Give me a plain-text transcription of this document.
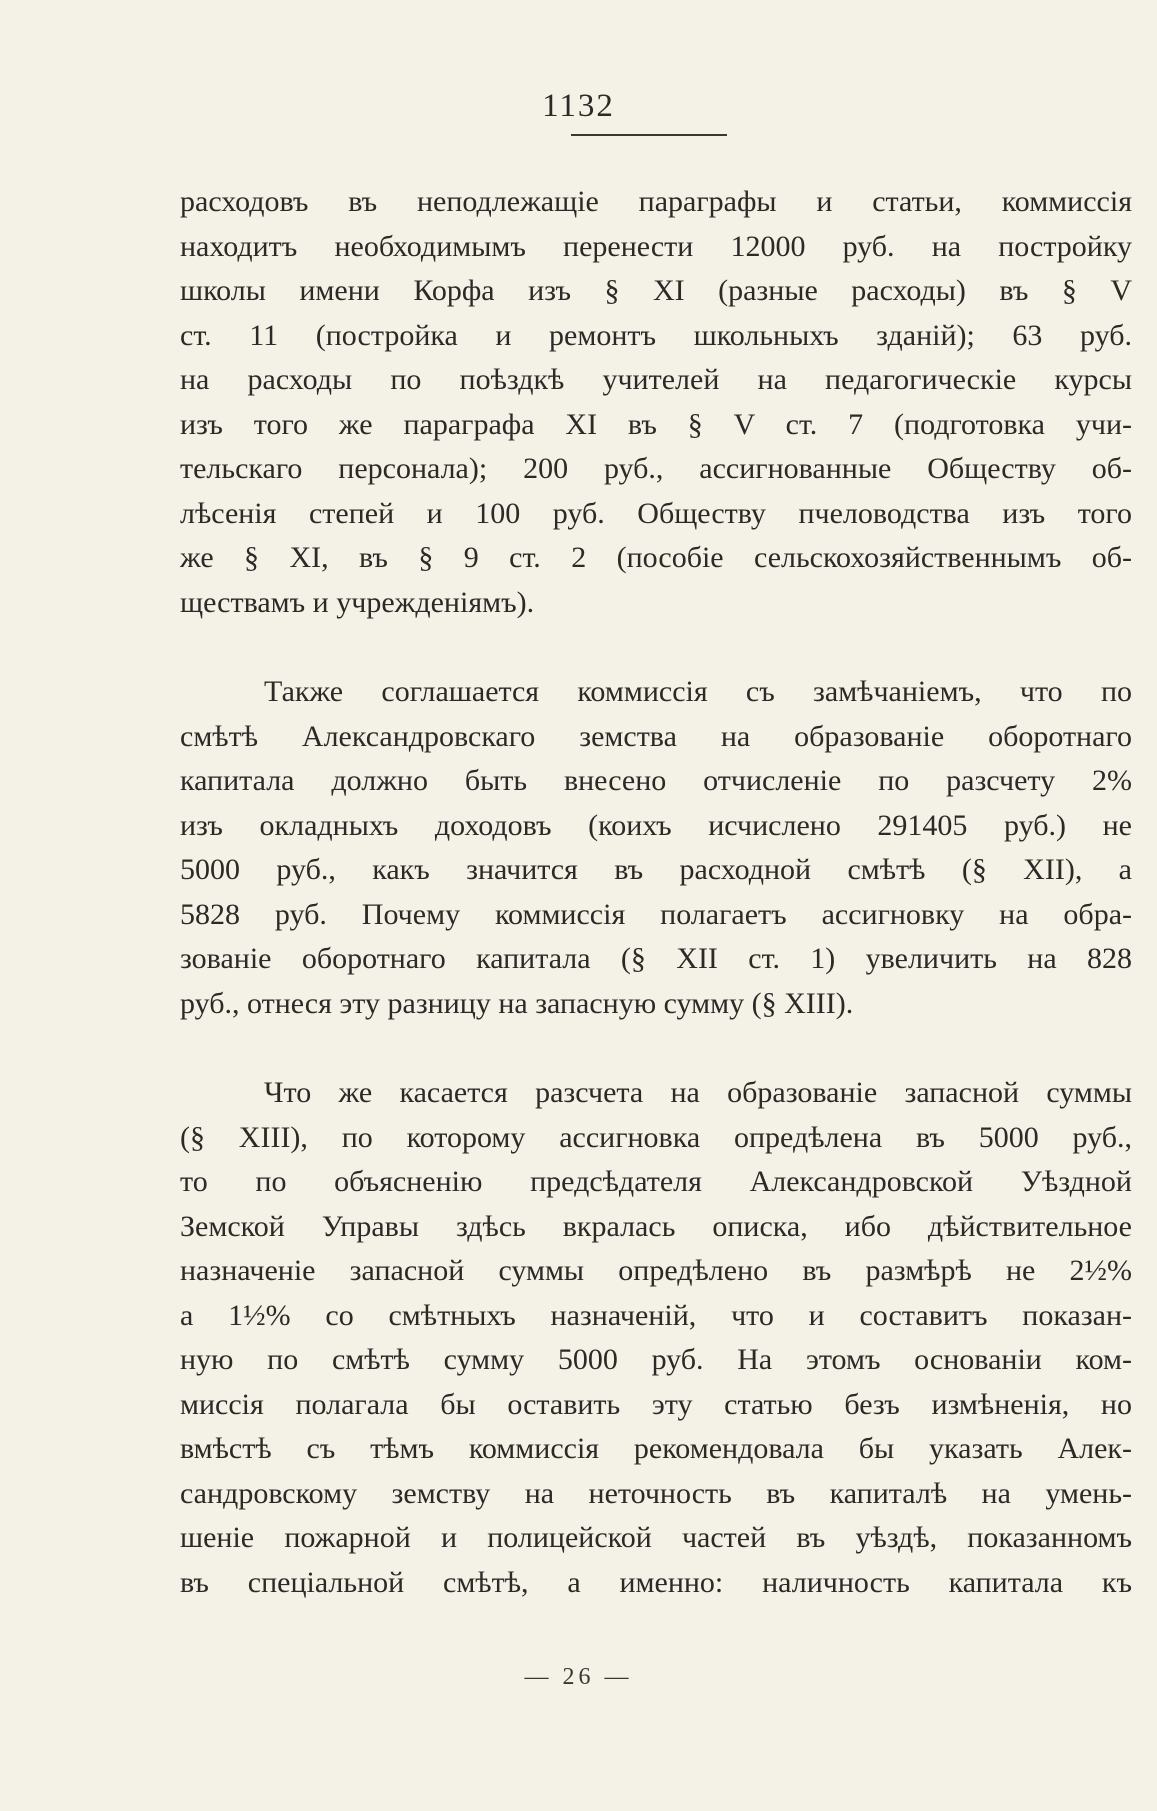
1132
расходовъ въ неподлежащіе параграфы и статьи, коммиссія
находитъ необходимымъ перенести 12000 руб. на постройку
школы имени Корфа изъ § XI (разные расходы) въ § V
ст. 11 (постройка и ремонтъ школьныхъ зданій); 63 руб.
на расходы по поѣздкѣ учителей на педагогическіе курсы
изъ того же параграфа XI въ § V ст. 7 (подготовка учи-
тельскаго персонала); 200 руб., ассигнованные Обществу об-
лѣсенія степей и 100 руб. Обществу пчеловодства изъ того
же § XI, въ § 9 ст. 2 (пособіе сельскохозяйственнымъ об-
ществамъ и учрежденіямъ).
Также соглашается коммиссія съ замѣчаніемъ, что по
смѣтѣ Александровскаго земства на образованіе оборотнаго
капитала должно быть внесено отчисленіе по разсчету 2%
изъ окладныхъ доходовъ (коихъ исчислено 291405 руб.) не
5000 руб., какъ значится въ расходной смѣтѣ (§ XII), а
5828 руб. Почему коммиссія полагаетъ ассигновку на обра-
зованіе оборотнаго капитала (§ XII ст. 1) увеличить на 828
руб., отнеся эту разницу на запасную сумму (§ XIII).
Что же касается разсчета на образованіе запасной суммы
(§ XIII), по которому ассигновка опредѣлена въ 5000 руб.,
то по объясненію предсѣдателя Александровской Уѣздной
Земской Управы здѣсь вкралась описка, ибо дѣйствительное
назначеніе запасной суммы опредѣлено въ размѣрѣ не 2½%
а 1½% со смѣтныхъ назначеній, что и составитъ показан-
ную по смѣтѣ сумму 5000 руб. На этомъ основаніи ком-
миссія полагала бы оставить эту статью безъ измѣненія, но
вмѣстѣ съ тѣмъ коммиссія рекомендовала бы указать Алек-
сандровскому земству на неточность въ капиталѣ на умень-
шеніе пожарной и полицейской частей въ уѣздѣ, показанномъ
въ спеціальной смѣтѣ, а именно: наличность капитала къ
— 26 —
